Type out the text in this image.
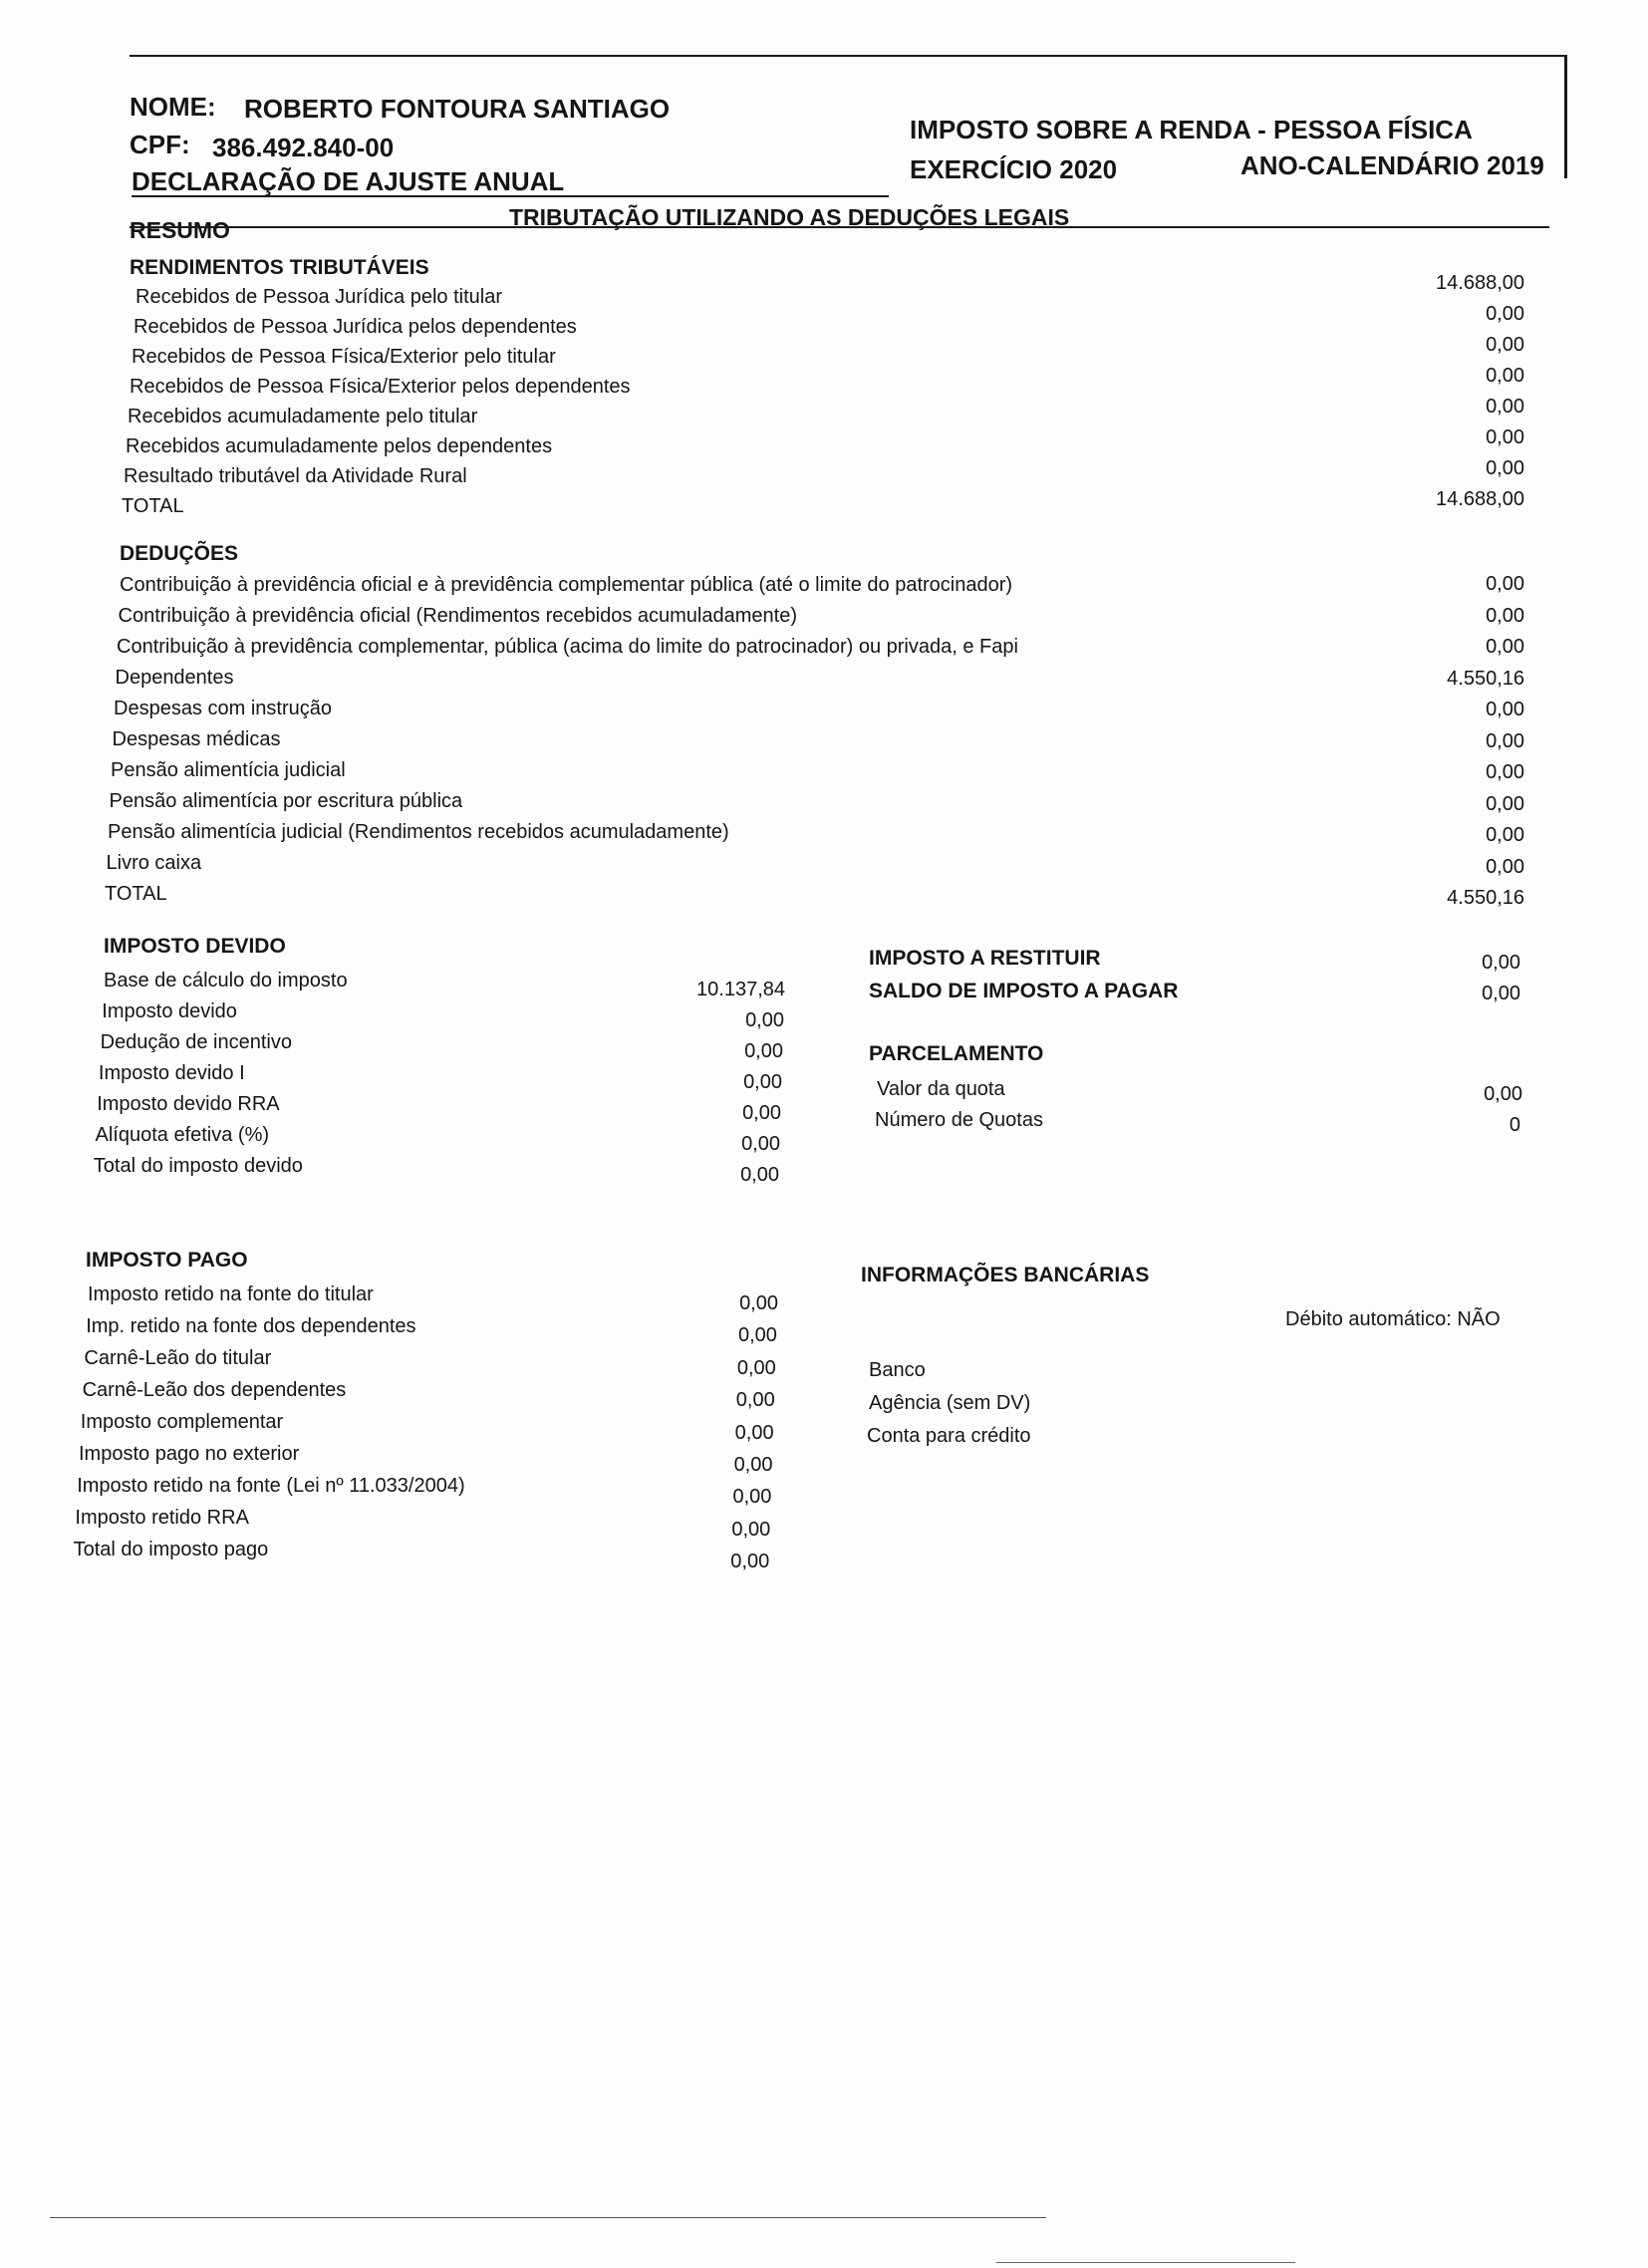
NOME: ROBERTO FONTOURA SANTIAGO
CPF: 386.492.840-00
DECLARAÇÃO DE AJUSTE ANUAL
IMPOSTO SOBRE A RENDA - PESSOA FÍSICA
EXERCÍCIO 2020	ANO-CALENDÁRIO 2019
RESUMO	TRIBUTAÇÃO UTILIZANDO AS DEDUÇÕES LEGAIS
RENDIMENTOS TRIBUTÁVEIS
Recebidos de Pessoa Jurídica pelo titular
14.688,00
Recebidos de Pessoa Jurídica pelos dependentes
0,00
Recebidos de Pessoa Física/Exterior pelo titular
0,00
Recebidos de Pessoa Física/Exterior pelos dependentes	0,00
Recebidos acumuladamente pelo titular	0,00
Recebidos acumuladamente pelos dependentes	0,00
Resultado tributável da Atividade Rural	0,00
TOTAL	14.688,00
DEDUÇÕES
Contribuição à previdência oficial e à previdência complementar pública (até o limite do patrocinador)	0,00
Contribuição à previdência oficial (Rendimentos recebidos acumuladamente)	0,00
Contribuição à previdência complementar, pública (acima do limite do patrocinador) ou privada, e Fapi	0,00
Dependentes	4.550,16
Despesas com instrução	0,00
Despesas médicas	0,00
Pensão alimentícia judicial	0,00
Pensão alimentícia por escritura pública	0,00
Pensão alimentícia judicial (Rendimentos recebidos acumuladamente)	0,00
Livro caixa	0,00
TOTAL	4.550,16
IMPOSTO DEVIDO
Base de cálculo do imposto	10.137,84
Imposto devido	0,00
Dedução de incentivo	0,00
Imposto devido I	0,00
Imposto devido RRA	0,00
Alíquota efetiva (%)	0,00
Total do imposto devido	0,00
IMPOSTO A RESTITUIR	0,00
SALDO DE IMPOSTO A PAGAR	0,00
PARCELAMENTO
Valor da quota	0,00
Número de Quotas	0
IMPOSTO PAGO
Imposto retido na fonte do titular	0,00
Imp. retido na fonte dos dependentes	0,00
Carnê-Leão do titular	0,00
Carnê-Leão dos dependentes	0,00
Imposto complementar	0,00
Imposto pago no exterior	0,00
Imposto retido na fonte (Lei nº 11.033/2004)
0,00
Imposto retido RRA
0,00
Total do imposto pago
0,00
INFORMAÇÕES BANCÁRIAS
Débito automático: NÃO
Banco
Agência (sem DV)
Conta para crédito
